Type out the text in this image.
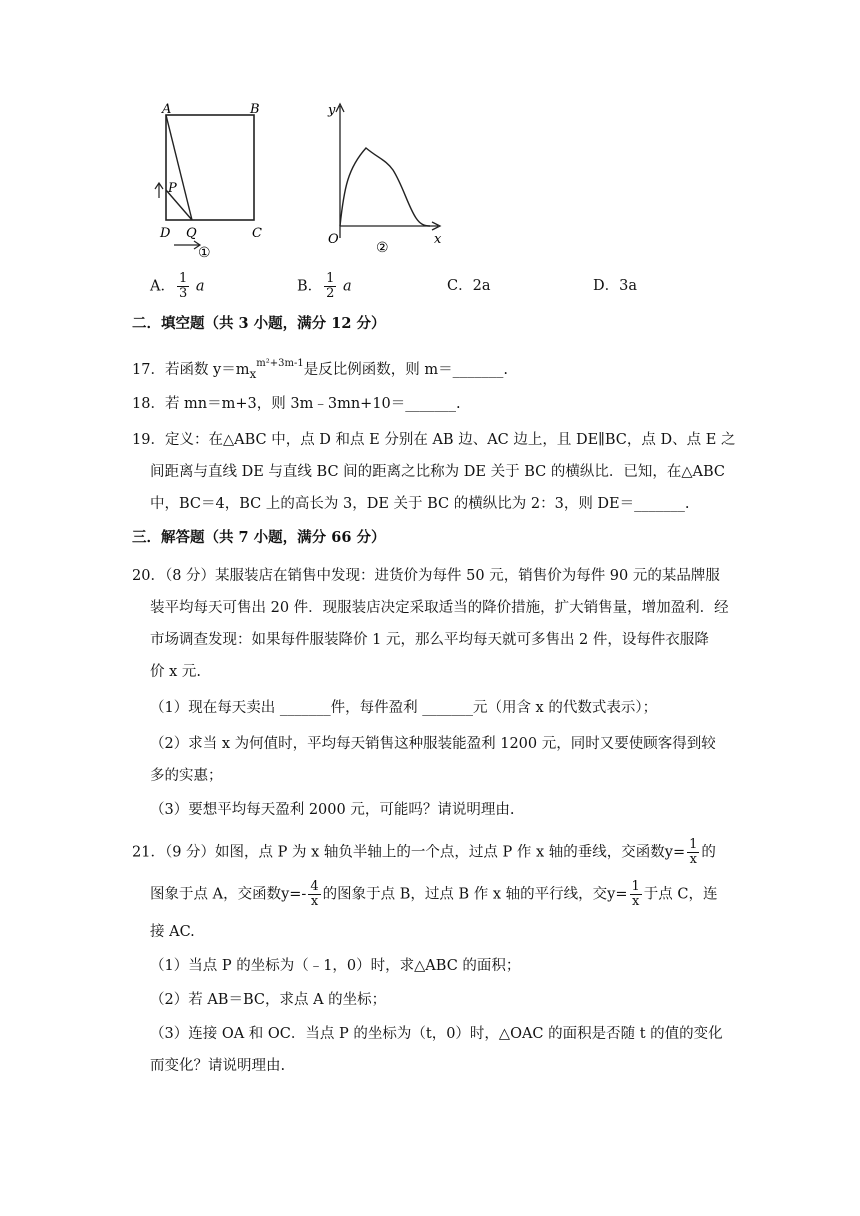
A	B
C
D
P
Q
①
y
x
O
②
A． $\frac{1}{3}$ a	B． $\frac{1}{2}$ a	C．2a	D．3a
二．填空题（共 3 小题，满分 12 分）
17．若函数 $y=m_x^{m^2+3m-1}$是反比例函数，则 m＝_______.
18．若 mn＝m+3，则 3m﹣3mn+10＝_______.
19．定义：在△ABC 中，点 D 和点 E 分别在 AB 边、AC 边上，且 DE∥BC，点 D、点 E 之
间距离与直线 DE 与直线 BC 间的距离之比称为 DE 关于 BC 的横纵比．已知，在△ABC
中，BC＝4，BC 上的高长为 3，DE 关于 BC 的横纵比为 2：3，则 DE＝_______.
三．解答题（共 7 小题，满分 66 分）
20．（8 分）某服装店在销售中发现：进货价为每件 50 元，销售价为每件 90 元的某品牌服
装平均每天可售出 20 件．现服装店决定采取适当的降价措施，扩大销售量，增加盈利．经
市场调查发现：如果每件服装降价 1 元，那么平均每天就可多售出 2 件，设每件衣服降
价 x 元.
（1）现在每天卖出 _______件，每件盈利 _______元（用含 x 的代数式表示）；
（2）求当 x 为何值时，平均每天销售这种服装能盈利 1200 元，同时又要使顾客得到较
多的实惠；
（3）要想平均每天盈利 2000 元，可能吗？请说明理由.
21．（9 分）如图，点 P 为 x 轴负半轴上的一个点，过点 P 作 x 轴的垂线，交函数$y= \frac{1}{x}$ 的
图象于点 A，交函数$y=- \frac{4}{x}$ 的图象于点 B，过点 B 作 x 轴的平行线，交$y= \frac{1}{x}$ 于点 C，连
接 AC.
（1）当点 P 的坐标为（﹣1，0）时，求△ABC 的面积；
（2）若 AB＝BC，求点 A 的坐标；
（3）连接 OA 和 OC．当点 P 的坐标为（t，0）时，△OAC 的面积是否随 t 的值的变化
而变化？请说明理由.
